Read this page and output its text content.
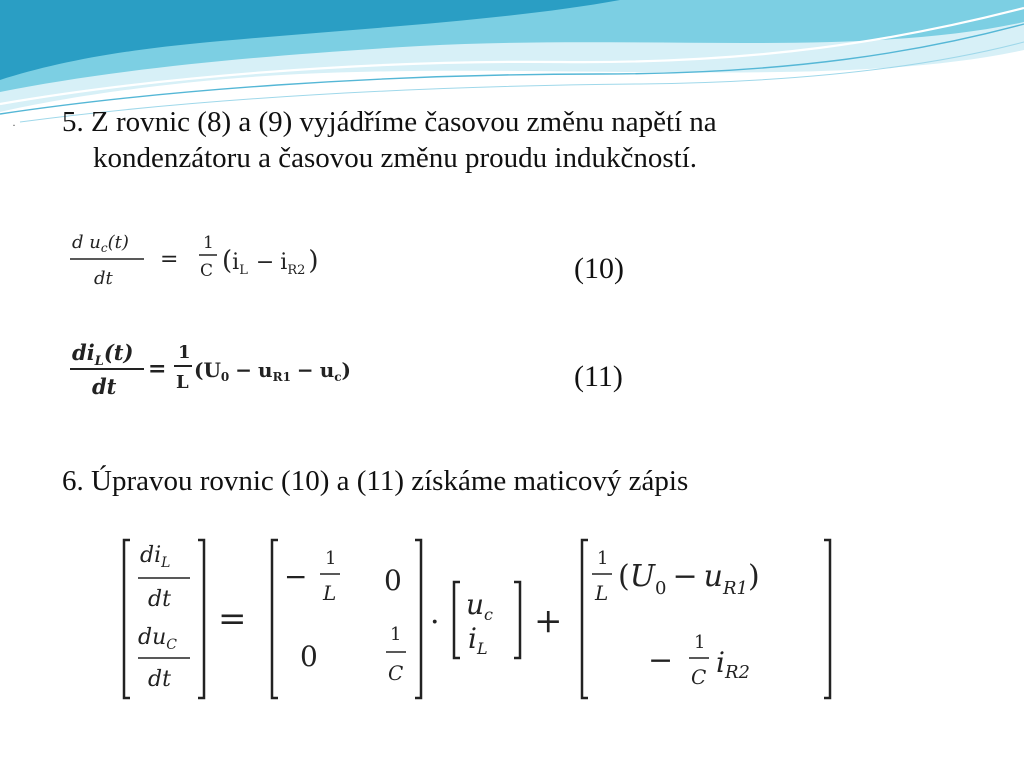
· 5. Z rovnic (8) a (9) vyjádříme časovou změnu napětí na
kondenzátoru a časovou změnu proudu indukčností.

d $u_c(t)$
dt
=
1
C (iL − iR2 )	(10)
$di_L(t)$
dt
=
1
L
$(U_0 - u_{R1} - u_c)$	(11)

6. Úpravou rovnic (10) a (11) získáme maticový zápis

$di_L$
dt
$du_C$
dt
=
−
1
L 0
0
1
C
·
$u_c$
$i_L$
+
1
L $(U_0 - u_{R1})$
−
1
C $i_{R2}$
